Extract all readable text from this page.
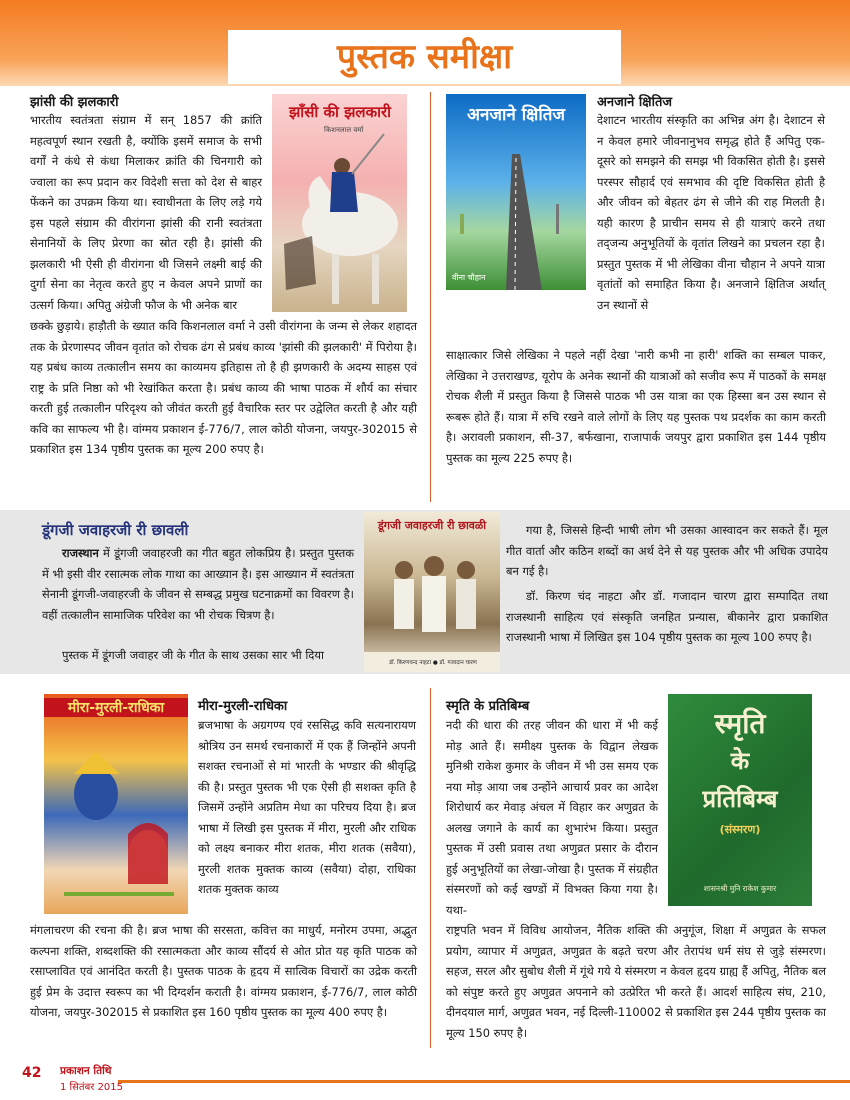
पुस्तक समीक्षा
झांसी की झलकारी
झाँसी की झलकारी
किशनलाल वर्मा
भारतीय स्वतंत्रता संग्राम में सन् 1857 की क्रांति महत्वपूर्ण स्थान रखती है, क्योंकि इसमें समाज के सभी वर्गों ने कंधे से कंधा मिलाकर क्रांति की चिनगारी को ज्वाला का रूप प्रदान कर विदेशी सत्ता को देश से बाहर फेंकने का उपक्रम किया था। स्वाधीनता के लिए लड़े गये इस पहले संग्राम की वीरांगना झांसी की रानी स्वतंत्रता सेनानियों के लिए प्रेरणा का स्रोत रही है। झांसी की झलकारी भी ऐसी ही वीरांगना थी जिसने लक्ष्मी बाई की दुर्गा सेना का नेतृत्व करते हुए न केवल अपने प्राणों का उत्सर्ग किया। अपितु अंग्रेजी फौज के भी अनेक बार
छक्के छुड़ाये। हाड़ौती के ख्यात कवि किशनलाल वर्मा ने उसी वीरांगना के जन्म से लेकर शहादत तक के प्रेरणास्पद जीवन वृतांत को रोचक ढंग से प्रबंध काव्य 'झांसी की झलकारी' में पिरोया है। यह प्रबंध काव्य तत्कालीन समय का काव्यमय इतिहास तो है ही झणकारी के अदम्य साहस एवं राष्ट्र के प्रति निष्ठा को भी रेखांकित करता है। प्रबंध काव्य की भाषा पाठक में शौर्य का संचार करती हुई तत्कालीन परिदृश्य को जीवंत करती हुई वैचारिक स्तर पर उद्वेलित करती है और यही कवि का साफल्य भी है। वांग्मय प्रकाशन ई-776/7, लाल कोठी योजना, जयपुर-302015 से प्रकाशित इस 134 पृष्ठीय पुस्तक का मूल्य 200 रुपए है।
अनजाने क्षितिज
वीना चौहान
अनजाने क्षितिज
देशाटन भारतीय संस्कृति का अभिन्न अंग है। देशाटन से न केवल हमारे जीवनानुभव समृद्ध होते हैं अपितु एक-दूसरे को समझने की समझ भी विकसित होती है। इससे परस्पर सौहार्द एवं समभाव की दृष्टि विकसित होती है और जीवन को बेहतर ढंग से जीने की राह मिलती है। यही कारण है प्राचीन समय से ही यात्राएं करने तथा तद्जन्य अनुभूतियों के वृतांत लिखने का प्रचलन रहा है। प्रस्तुत पुस्तक में भी लेखिका वीना चौहान ने अपने यात्रा वृतांतों को समाहित किया है। अनजाने क्षितिज अर्थात् उन स्थानों से
साक्षात्कार जिसे लेखिका ने पहले नहीं देखा 'नारी कभी ना हारी' शक्ति का सम्बल पाकर, लेखिका ने उत्तराखण्ड, यूरोप के अनेक स्थानों की यात्राओं को सजीव रूप में पाठकों के समक्ष रोचक शैली में प्रस्तुत किया है जिससे पाठक भी उस यात्रा का एक हिस्सा बन उस स्थान से रूबरू होते हैं। यात्रा में रुचि रखने वाले लोगों के लिए यह पुस्तक पथ प्रदर्शक का काम करती है। अरावली प्रकाशन, सी-37, बर्फखाना, राजापार्क जयपुर द्वारा प्रकाशित इस 144 पृष्ठीय पुस्तक का मूल्य 225 रुपए है।
डूंगजी जवाहरजी री छावली
राजस्थान में डूंगजी जवाहरजी का गीत बहुत लोकप्रिय है। प्रस्तुत पुस्तक में भी इसी वीर रसात्मक लोक गाथा का आख्यान है। इस आख्यान में स्वतंत्रता सेनानी डूंगजी-जवाहरजी के जीवन से सम्बद्ध प्रमुख घटनाक्रमों का विवरण है। वहीं तत्कालीन सामाजिक परिवेश का भी रोचक चित्रण है।
पुस्तक में डूंगजी जवाहर जी के गीत के साथ उसका सार भी दिया
डूंगजी जवाहरजी री छावळी
डॉ. किरणचन्द नाहटा ● डॉ. गजादान चारण
गया है, जिससे हिन्दी भाषी लोग भी उसका आस्वादन कर सकते हैं। मूल गीत वार्ता और कठिन शब्दों का अर्थ देने से यह पुस्तक और भी अधिक उपादेय बन गई है।
डॉ. किरण चंद नाहटा और डॉ. गजादान चारण द्वारा सम्पादित तथा राजस्थानी साहित्य एवं संस्कृति जनहित प्रन्यास, बीकानेर द्वारा प्रकाशित राजस्थानी भाषा में लिखित इस 104 पृष्ठीय पुस्तक का मूल्य 100 रुपए है।
मीरा-मुरली-राधिका	मीरा-मुरली-राधिका
ब्रजभाषा के अग्रगण्य एवं रससिद्ध कवि सत्यनारायण श्रोत्रिय उन समर्थ रचनाकारों में एक हैं जिन्होंने अपनी सशक्त रचनाओं से मां भारती के भण्डार की श्रीवृद्धि की है। प्रस्तुत पुस्तक भी एक ऐसी ही सशक्त कृति है जिसमें उन्होंने अप्रतिम मेधा का परिचय दिया है। ब्रज भाषा में लिखी इस पुस्तक में मीरा, मुरली और राधिक को लक्ष्य बनाकर मीरा शतक, मीरा शतक (सवैया), मुरली शतक मुक्तक काव्य (सवैया) दोहा, राधिका शतक मुक्तक काव्य
मंगलाचरण की रचना की है। ब्रज भाषा की सरसता, कवित्त का माधुर्य, मनोरम उपमा, अद्भुत कल्पना शक्ति, शब्दशक्ति की रसात्मकता और काव्य सौंदर्य से ओत प्रोत यह कृति पाठक को रसाप्लावित एवं आनंदित करती है। पुस्तक पाठक के हृदय में सात्विक विचारों का उद्रेक करती हुई प्रेम के उदात्त स्वरूप का भी दिग्दर्शन कराती है। वांग्मय प्रकाशन, ई-776/7, लाल कोठी योजना, जयपुर-302015 से प्रकाशित इस 160 पृष्ठीय पुस्तक का मूल्य 400 रुपए है।
स्मृति के प्रतिबिम्ब
नदी की धारा की तरह जीवन की धारा में भी कई मोड़ आते हैं। समीक्ष्य पुस्तक के विद्वान लेखक मुनिश्री राकेश कुमार के जीवन में भी उस समय एक नया मोड़ आया जब उन्होंने आचार्य प्रवर का आदेश शिरोधार्य कर मेवाड़ अंचल में विहार कर अणुव्रत के अलख जगाने के कार्य का शुभारंभ किया। प्रस्तुत पुस्तक में उसी प्रवास तथा अणुव्रत प्रसार के दौरान हुई अनुभूतियों का लेखा-जोखा है। पुस्तक में संग्रहीत संस्मरणों को कई खण्डों में विभक्त किया गया है। यथा-
स्मृति
के
प्रतिबिम्ब
(संस्मरण)
शासनश्री मुनि राकेश कुमार
राष्ट्रपति भवन में विविध आयोजन, नैतिक शक्ति की अनुगूंज, शिक्षा में अणुव्रत के सफल प्रयोग, व्यापार में अणुव्रत, अणुव्रत के बढ़ते चरण और तेरापंथ धर्म संघ से जुड़े संस्मरण। सहज, सरल और सुबोध शैली में गूंथे गये ये संस्मरण न केवल हृदय ग्राह्य हैं अपितु, नैतिक बल को संपुष्ट करते हुए अणुव्रत अपनाने को उत्प्रेरित भी करते हैं। आदर्श साहित्य संघ, 210, दीनदयाल मार्ग, अणुव्रत भवन, नई दिल्ली-110002 से प्रकाशित इस 244 पृष्ठीय पुस्तक का मूल्य 150 रुपए है।
42 प्रकाशन तिथि
1 सितंबर 2015
